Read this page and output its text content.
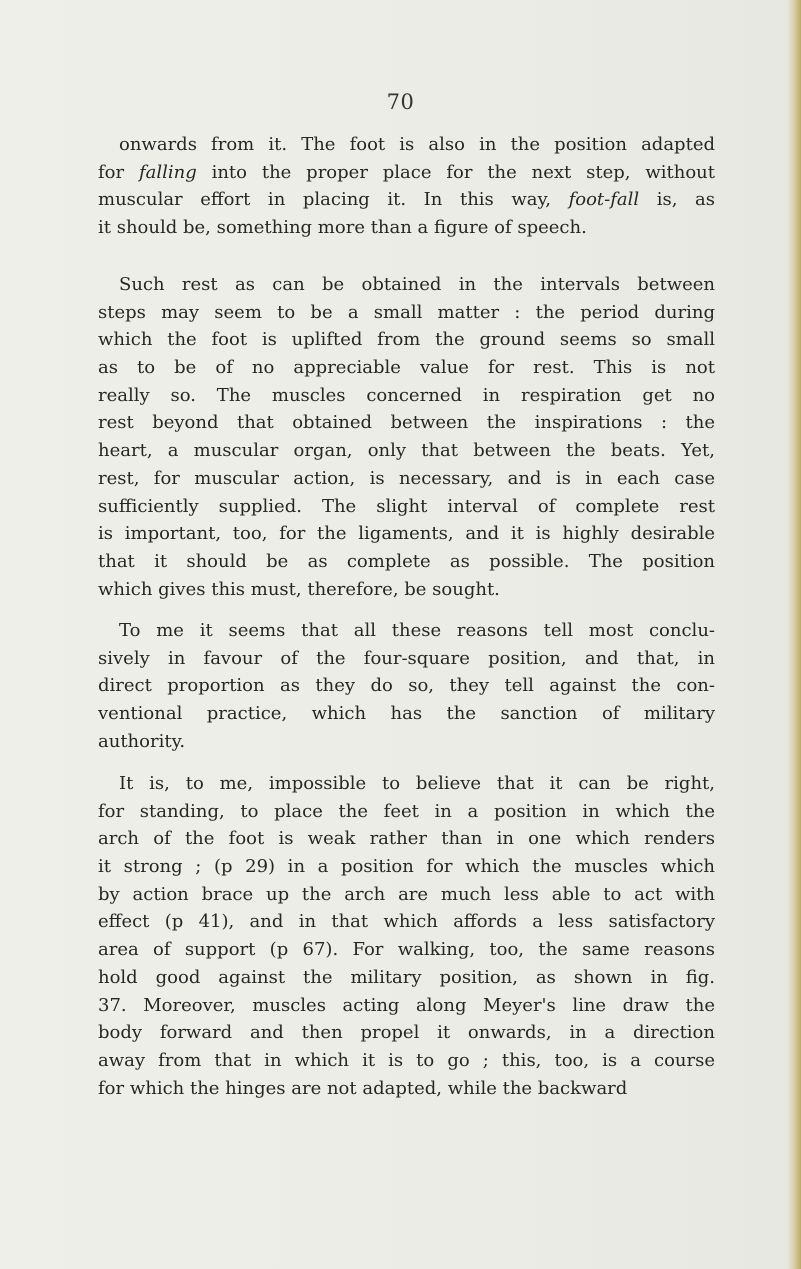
70
onwards from it. The foot is also in the position adapted
for falling into the proper place for the next step, without
muscular effort in placing it. In this way, foot-fall is, as
it should be, something more than a figure of speech.
Such rest as can be obtained in the intervals between
steps may seem to be a small matter : the period during
which the foot is uplifted from the ground seems so small
as to be of no appreciable value for rest. This is not
really so. The muscles concerned in respiration get no
rest beyond that obtained between the inspirations : the
heart, a muscular organ, only that between the beats. Yet,
rest, for muscular action, is necessary, and is in each case
sufficiently supplied. The slight interval of complete rest
is important, too, for the ligaments, and it is highly desirable
that it should be as complete as possible. The position
which gives this must, therefore, be sought.
To me it seems that all these reasons tell most conclu-
sively in favour of the four-square position, and that, in
direct proportion as they do so, they tell against the con-
ventional practice, which has the sanction of military
authority.
It is, to me, impossible to believe that it can be right,
for standing, to place the feet in a position in which the
arch of the foot is weak rather than in one which renders
it strong ; (p 29) in a position for which the muscles which
by action brace up the arch are much less able to act with
effect (p 41), and in that which affords a less satisfactory
area of support (p 67). For walking, too, the same reasons
hold good against the military position, as shown in fig.
37. Moreover, muscles acting along Meyer's line draw the
body forward and then propel it onwards, in a direction
away from that in which it is to go ; this, too, is a course
for which the hinges are not adapted, while the backward
